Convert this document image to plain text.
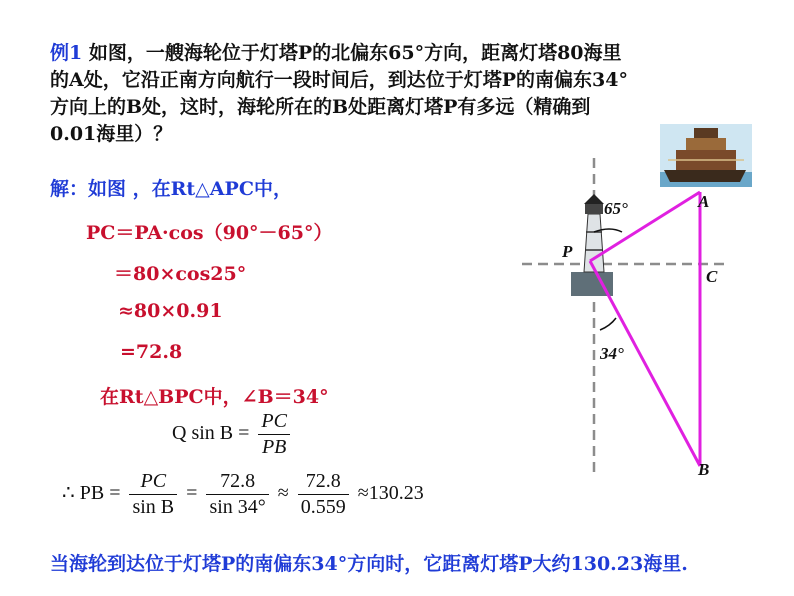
例1 如图，一艘海轮位于灯塔P的北偏东65°方向，距离灯塔80海里
的A处，它沿正南方向航行一段时间后，到达位于灯塔P的南偏东34°
方向上的B处，这时，海轮所在的B处距离灯塔P有多远（精确到
0.01海里）？
解：如图 ，在Rt△APC中，
PC＝PA·cos（90°－65°）
＝80×cos25°
≈80×0.91
=72.8
在Rt△BPC中，∠B＝34°
Q $\sin B = \frac{PC}{PB}$
∴ PB = $\frac{PC}{\text{sin B}} = \frac{72.8}{\sin 34^\circ} \approx \frac{72.8}{0.559} \approx 130.23$
当海轮到达位于灯塔P的南偏东34°方向时，它距离灯塔P大约130.23海里.
A
B
C
P
65°
34°
